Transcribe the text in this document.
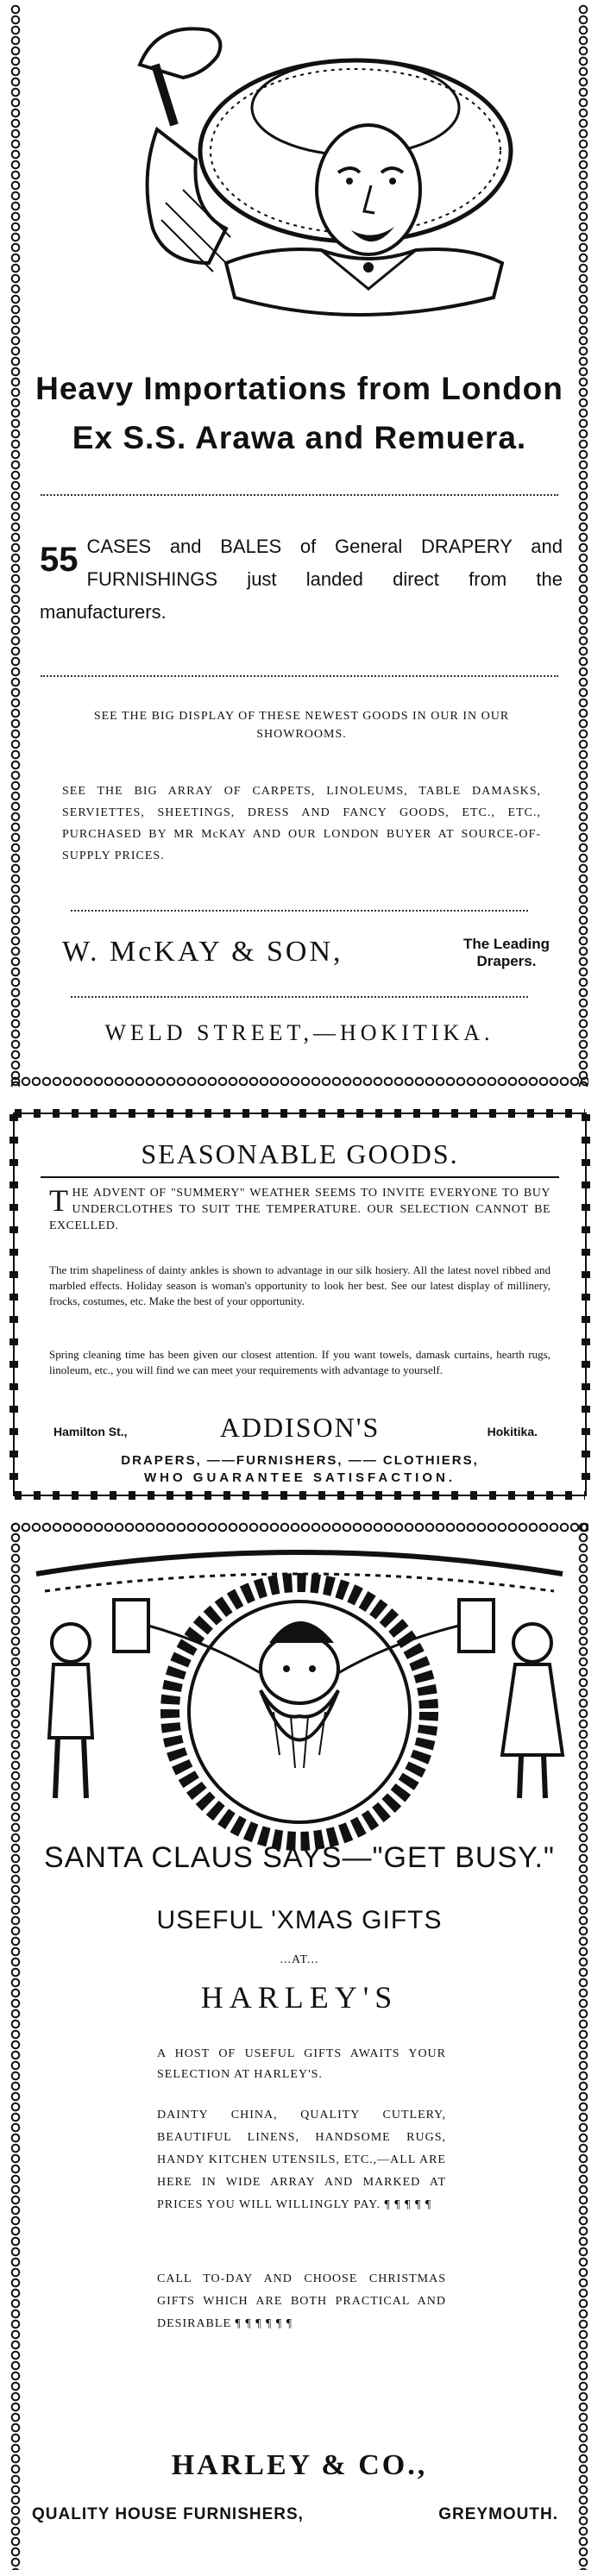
Heavy Importations from London
Ex S.S. Arawa and Remuera.
55 CASES and BALES of General DRAPERY and FURNISHINGS just landed direct from the manufacturers.
SEE THE BIG DISPLAY OF THESE NEWEST GOODS IN OUR IN OUR SHOWROOMS.
SEE THE BIG ARRAY OF CARPETS, LINOLEUMS, TABLE DAMASKS, SERVIETTES, SHEETINGS, DRESS AND FANCY GOODS, ETC., ETC., PURCHASED BY MR McKAY AND OUR LONDON BUYER AT SOURCE-OF-SUPPLY PRICES.
W. McKAY & SON,	The Leading
Drapers.
WELD STREET,—HOKITIKA.
SEASONABLE GOODS.
T HE ADVENT OF "SUMMERY" WEATHER SEEMS TO INVITE EVERYONE TO BUY UNDERCLOTHES TO SUIT THE TEMPERATURE. OUR SELECTION CANNOT BE EXCELLED.
The trim shapeliness of dainty ankles is shown to advantage in our silk hosiery. All the latest novel ribbed and marbled effects. Holiday season is woman's opportunity to look her best. See our latest display of millinery, frocks, costumes, etc. Make the best of your opportunity.
Spring cleaning time has been given our closest attention. If you want towels, damask curtains, hearth rugs, linoleum, etc., you will find we can meet your requirements with advantage to yourself.
Hamilton St.,	ADDISON'S	Hokitika.
DRAPERS, ——FURNISHERS, —— CLOTHIERS,
WHO GUARANTEE SATISFACTION.
SANTA CLAUS SAYS—"GET BUSY."
USEFUL 'XMAS GIFTS
...AT...
HARLEY'S
A HOST OF USEFUL GIFTS AWAITS YOUR SELECTION AT HARLEY'S.
DAINTY CHINA, QUALITY CUTLERY, BEAUTIFUL LINENS, HANDSOME RUGS, HANDY KITCHEN UTENSILS, ETC.,—ALL ARE HERE IN WIDE ARRAY AND MARKED AT PRICES YOU WILL WILLINGLY PAY. ¶ ¶ ¶ ¶ ¶
CALL TO-DAY AND CHOOSE CHRISTMAS GIFTS WHICH ARE BOTH PRACTICAL AND DESIRABLE ¶ ¶ ¶ ¶ ¶ ¶
HARLEY & CO.,
QUALITY HOUSE FURNISHERS,	GREYMOUTH.
